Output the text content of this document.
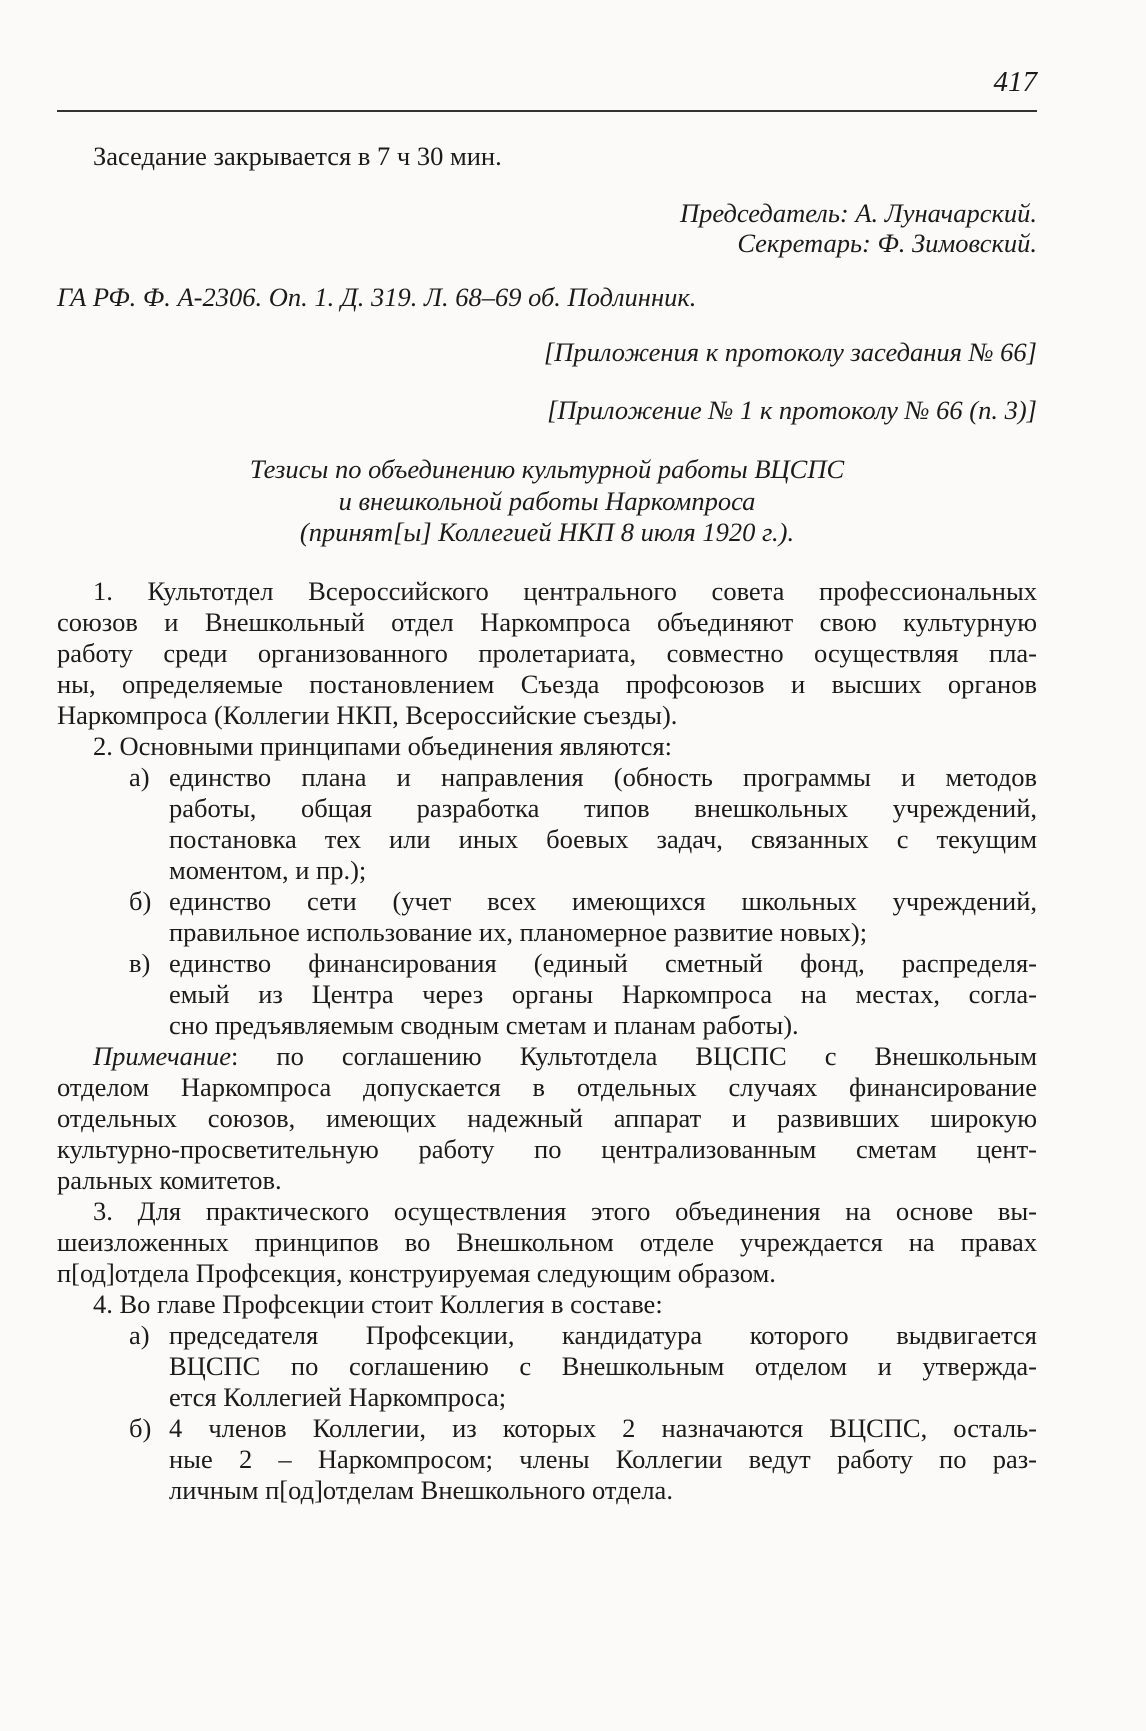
417
Заседание закрывается в 7 ч 30 мин.
Председатель: А. Луначарский.
Секретарь: Ф. Зимовский.
ГА РФ. Ф. А-2306. Оп. 1. Д. 319. Л. 68–69 об. Подлинник.
[Приложения к протоколу заседания № 66]
[Приложение № 1 к протоколу № 66 (п. 3)]
Тезисы по объединению культурной работы ВЦСПС
и внешкольной работы Наркомпроса
(принят[ы] Коллегией НКП 8 июля 1920 г.).
1. Культотдел Всероссийского центрального совета профессиональных
союзов и Внешкольный отдел Наркомпроса объединяют свою культурную
работу среди организованного пролетариата, совместно осуществляя пла-
ны, определяемые постановлением Съезда профсоюзов и высших органов
Наркомпроса (Коллегии НКП, Всероссийские съезды).
2. Основными принципами объединения являются:
а) единство плана и направления (обность программы и методов
работы, общая разработка типов внешкольных учреждений,
постановка тех или иных боевых задач, связанных с текущим
моментом, и пр.);
б) единство сети (учет всех имеющихся школьных учреждений,
правильное использование их, планомерное развитие новых);
в) единство финансирования (единый сметный фонд, распределя-
емый из Центра через органы Наркомпроса на местах, согла-
сно предъявляемым сводным сметам и планам работы).
Примечание: по соглашению Культотдела ВЦСПС с Внешкольным
отделом Наркомпроса допускается в отдельных случаях финансирование
отдельных союзов, имеющих надежный аппарат и развивших широкую
культурно-просветительную работу по централизованным сметам цент-
ральных комитетов.
3. Для практического осуществления этого объединения на основе вы-
шеизложенных принципов во Внешкольном отделе учреждается на правах
п[од]отдела Профсекция, конструируемая следующим образом.
4. Во главе Профсекции стоит Коллегия в составе:
а) председателя Профсекции, кандидатура которого выдвигается
ВЦСПС по соглашению с Внешкольным отделом и утвержда-
ется Коллегией Наркомпроса;
б) 4 членов Коллегии, из которых 2 назначаются ВЦСПС, осталь-
ные 2 – Наркомпросом; члены Коллегии ведут работу по раз-
личным п[од]отделам Внешкольного отдела.
